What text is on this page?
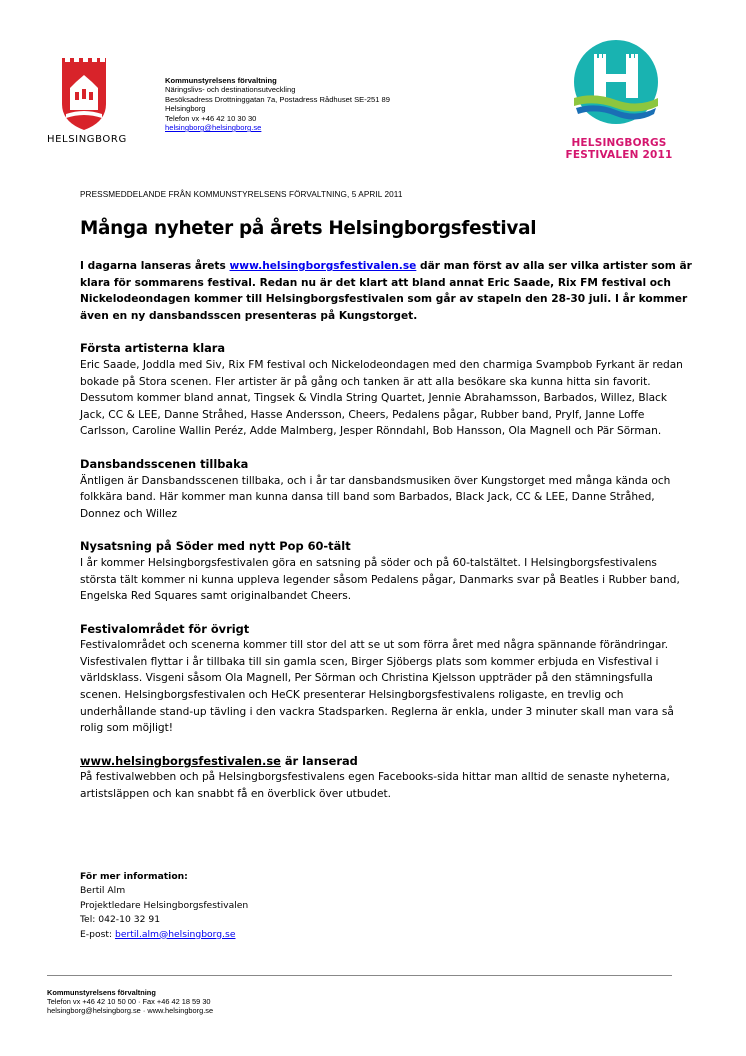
HELSINGBORG
Kommunstyrelsens förvaltning
Näringslivs- och destinationsutveckling
Besöksadress Drottninggatan 7a, Postadress Rådhuset SE-251 89
Helsingborg
Telefon vx +46 42 10 30 30
helsingborg@helsingborg.se
HELSINGBORGS
FESTIVALEN 2011
PRESSMEDDELANDE FRÅN KOMMUNSTYRELSENS FÖRVALTNING, 5 APRIL 2011
Många nyheter på årets Helsingborgsfestival

I dagarna lanseras årets www.helsingborgsfestivalen.se där man först av alla ser vilka artister som är klara för sommarens festival. Redan nu är det klart att bland annat Eric Saade, Rix FM festival och Nickelodeondagen kommer till Helsingborgsfestivalen som går av stapeln den 28-30 juli. I år kommer även en ny dansbandsscen presenteras på Kungstorget.

Första artisterna klara

Eric Saade, Joddla med Siv, Rix FM festival och Nickelodeondagen med den charmiga Svampbob Fyrkant är redan bokade på Stora scenen. Fler artister är på gång och tanken är att alla besökare ska kunna hitta sin favorit. Dessutom kommer bland annat, Tingsek & Vindla String Quartet, Jennie Abrahamsson, Barbados, Willez, Black Jack, CC & LEE, Danne Stråhed, Hasse Andersson, Cheers, Pedalens pågar, Rubber band, Prylf, Janne Loffe Carlsson, Caroline Wallin Peréz, Adde Malmberg, Jesper Rönndahl, Bob Hansson, Ola Magnell och Pär Sörman.

Dansbandsscenen tillbaka

Äntligen är Dansbandsscenen tillbaka, och i år tar dansbandsmusiken över Kungstorget med många kända och folkkära band. Här kommer man kunna dansa till band som Barbados, Black Jack, CC & LEE, Danne Stråhed, Donnez och Willez

Nysatsning på Söder med nytt Pop 60-tält

I år kommer Helsingborgsfestivalen göra en satsning på söder och på 60-talstältet. I Helsingborgsfestivalens största tält kommer ni kunna uppleva legender såsom Pedalens pågar, Danmarks svar på Beatles i Rubber band, Engelska Red Squares samt originalbandet Cheers.

Festivalområdet för övrigt

Festivalområdet och scenerna kommer till stor del att se ut som förra året med några spännande förändringar. Visfestivalen flyttar i år tillbaka till sin gamla scen, Birger Sjöbergs plats som kommer erbjuda en Visfestival i världsklass. Visgeni såsom Ola Magnell, Per Sörman och Christina Kjelsson uppträder på den stämningsfulla scenen. Helsingborgsfestivalen och HeCK presenterar Helsingborgsfestivalens roligaste, en trevlig och underhållande stand-up tävling i den vackra Stadsparken. Reglerna är enkla, under 3 minuter skall man vara så rolig som möjligt!

www.helsingborgsfestivalen.se är lanserad

På festivalwebben och på Helsingborgsfestivalens egen Facebooks-sida hittar man alltid de senaste nyheterna, artistsläppen och kan snabbt få en överblick över utbudet.

För mer information:
Bertil Alm
Projektledare Helsingborgsfestivalen
Tel: 042-10 32 91
E-post: bertil.alm@helsingborg.se
Kommunstyrelsens förvaltning
Telefon vx +46 42 10 50 00 · Fax +46 42 18 59 30
helsingborg@helsingborg.se · www.helsingborg.se
